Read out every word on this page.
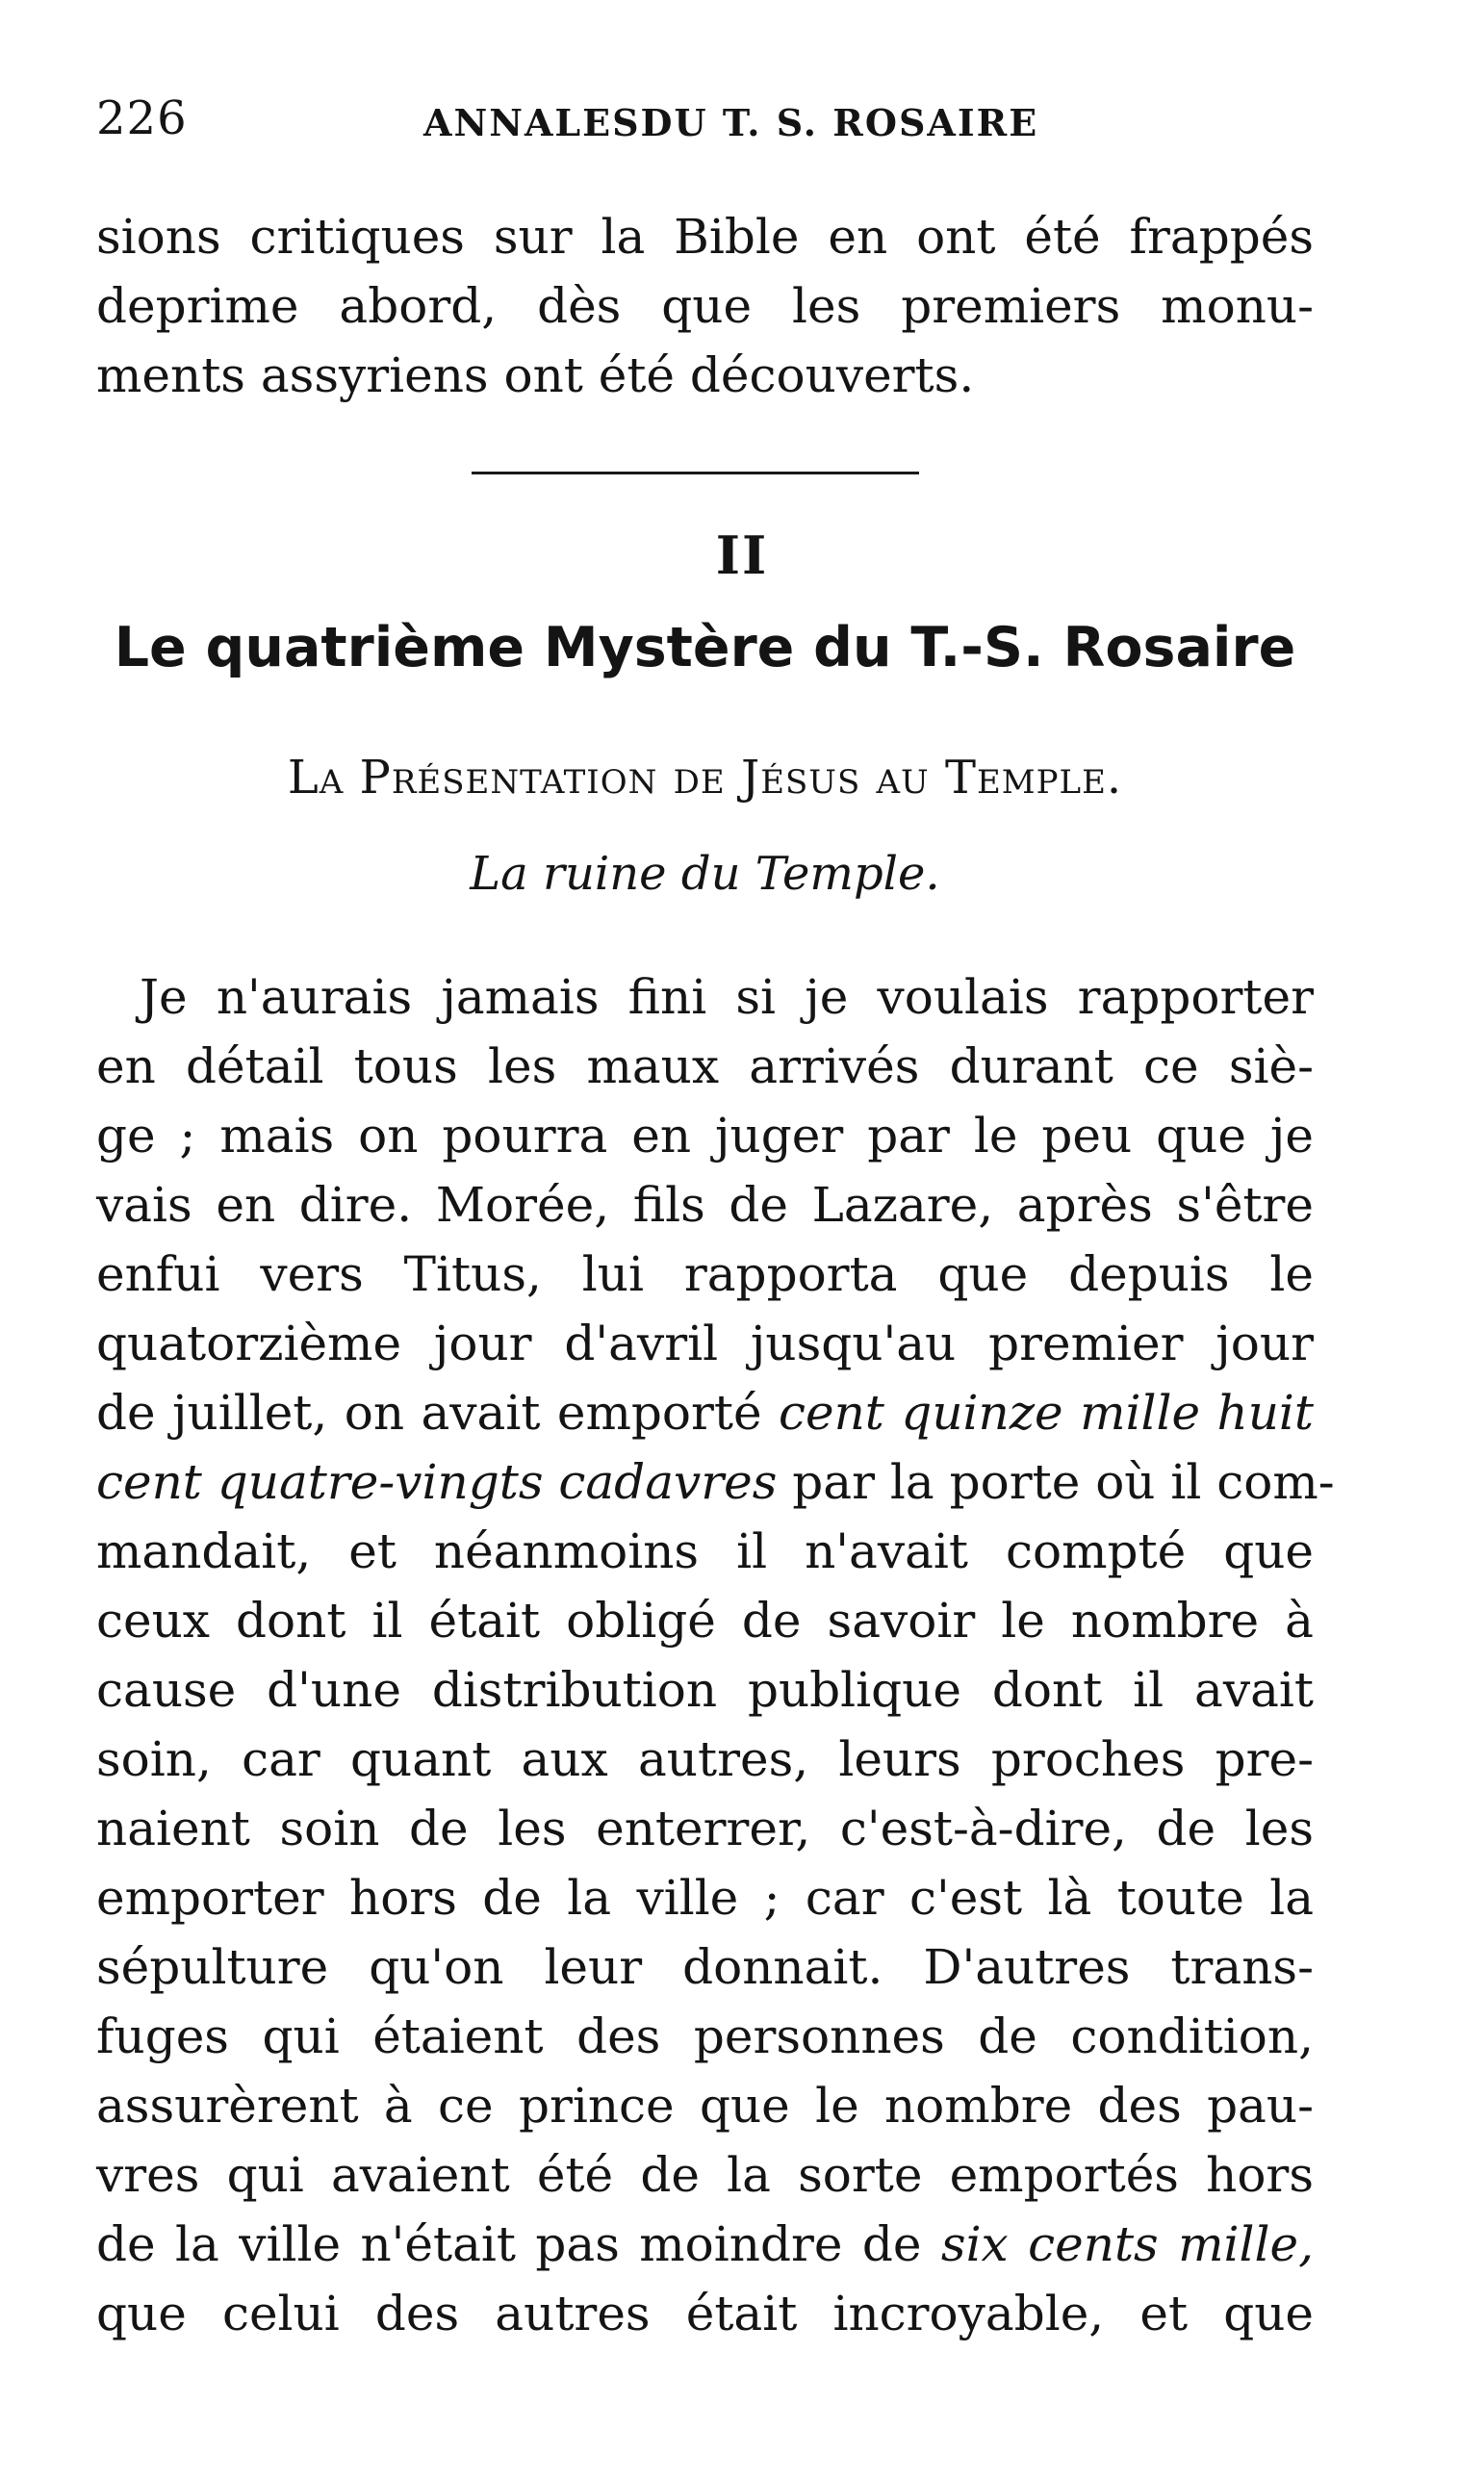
226	ANNALESDU T. S. ROSAIRE
sions critiques sur la Bible en ont été frappés
deprime abord, dès que les premiers monu-
ments assyriens ont été découverts.
II
Le quatrième Mystère du T.-S. Rosaire
La Présentation de Jésus au Temple.
La ruine du Temple.
Je n'aurais jamais fini si je voulais rapporter
en détail tous les maux arrivés durant ce siè-
ge ; mais on pourra en juger par le peu que je
vais en dire. Morée, fils de Lazare, après s'être
enfui vers Titus, lui rapporta que depuis le
quatorzième jour d'avril jusqu'au premier jour
de juillet, on avait emporté cent quinze mille huit
cent quatre-vingts cadavres par la porte où il com-
mandait, et néanmoins il n'avait compté que
ceux dont il était obligé de savoir le nombre à
cause d'une distribution publique dont il avait
soin, car quant aux autres, leurs proches pre-
naient soin de les enterrer, c'est-à-dire, de les
emporter hors de la ville ; car c'est là toute la
sépulture qu'on leur donnait. D'autres trans-
fuges qui étaient des personnes de condition,
assurèrent à ce prince que le nombre des pau-
vres qui avaient été de la sorte emportés hors
de la ville n'était pas moindre de six cents mille,
que celui des autres était incroyable, et que
